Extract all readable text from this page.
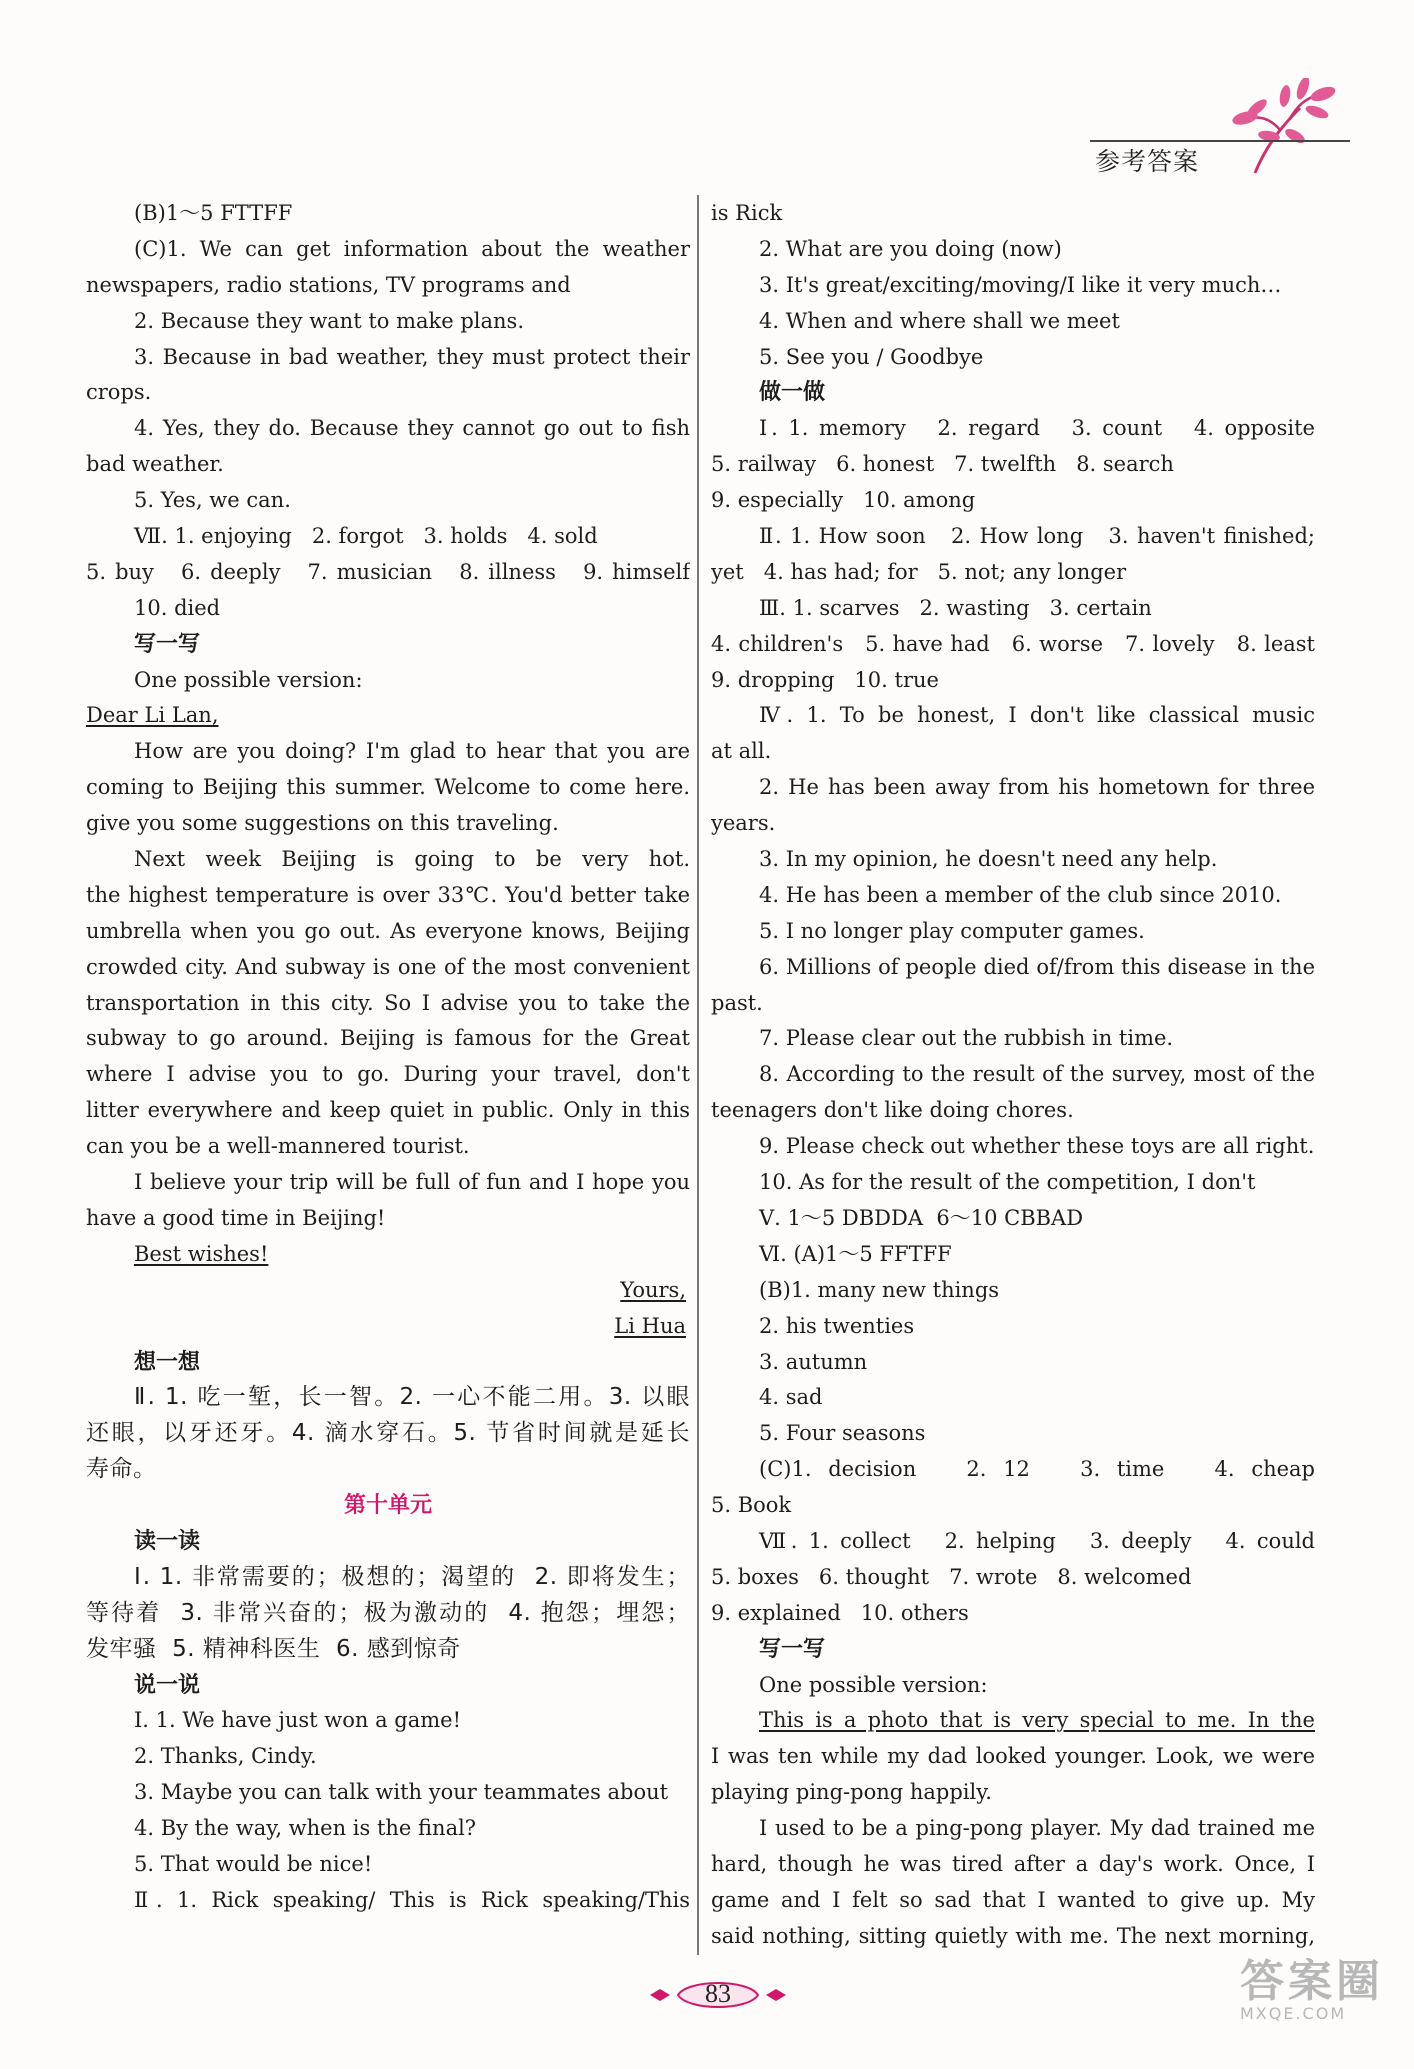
参考答案
(B)1～5 FTTFF
(C)1. We can get information about the weather
newspapers, radio stations, TV programs and
2. Because they want to make plans.
3. Because in bad weather, they must protect their
crops.
4. Yes, they do. Because they cannot go out to fish
bad weather.
5. Yes, we can.
Ⅶ. 1. enjoying   2. forgot   3. holds   4. sold
5. buy   6. deeply   7. musician   8. illness   9. himself
10. died
写一写
One possible version:
Dear Li Lan,
How are you doing? I'm glad to hear that you are
coming to Beijing this summer. Welcome to come here.
give you some suggestions on this traveling.
Next week Beijing is going to be very hot.
the highest temperature is over 33℃. You'd better take
umbrella when you go out. As everyone knows, Beijing
crowded city. And subway is one of the most convenient
transportation in this city. So I advise you to take the
subway to go around. Beijing is famous for the Great
where I advise you to go. During your travel, don't
litter everywhere and keep quiet in public. Only in this
can you be a well-mannered tourist.
I believe your trip will be full of fun and I hope you
have a good time in Beijing!
Best wishes!
Yours,
Li Hua
想一想
Ⅱ. 1. 吃一堑，长一智。2. 一心不能二用。3. 以眼
还眼，以牙还牙。4. 滴水穿石。5. 节省时间就是延长
寿命。
第十单元
读一读
Ⅰ. 1. 非常需要的；极想的；渴望的  2. 即将发生；
等待着  3. 非常兴奋的；极为激动的  4. 抱怨；埋怨；
发牢骚  5. 精神科医生  6. 感到惊奇
说一说
Ⅰ. 1. We have just won a game!
2. Thanks, Cindy.
3. Maybe you can talk with your teammates about
4. By the way, when is the final?
5. That would be nice!
Ⅱ. 1. Rick speaking/ This is Rick speaking/This
is Rick
2. What are you doing (now)
3. It's great/exciting/moving/I like it very much…
4. When and where shall we meet
5. See you / Goodbye
做一做
Ⅰ. 1. memory   2. regard   3. count   4. opposite
5. railway   6. honest   7. twelfth   8. search
9. especially   10. among
Ⅱ. 1. How soon   2. How long   3. haven't finished;
yet   4. has had; for   5. not; any longer
Ⅲ. 1. scarves   2. wasting   3. certain
4. children's   5. have had   6. worse   7. lovely   8. least
9. dropping   10. true
Ⅳ. 1. To be honest, I don't like classical music
at all.
2. He has been away from his hometown for three
years.
3. In my opinion, he doesn't need any help.
4. He has been a member of the club since 2010.
5. I no longer play computer games.
6. Millions of people died of/from this disease in the
past.
7. Please clear out the rubbish in time.
8. According to the result of the survey, most of the
teenagers don't like doing chores.
9. Please check out whether these toys are all right.
10. As for the result of the competition, I don't
Ⅴ. 1～5 DBDDA  6～10 CBBAD
Ⅵ. (A)1～5 FFTFF
(B)1. many new things
2. his twenties
3. autumn
4. sad
5. Four seasons
(C)1. decision   2. 12   3. time   4. cheap
5. Book
Ⅶ. 1. collect   2. helping   3. deeply   4. could
5. boxes   6. thought   7. wrote   8. welcomed
9. explained   10. others
写一写
One possible version:
This is a photo that is very special to me. In the
I was ten while my dad looked younger. Look, we were
playing ping-pong happily.
I used to be a ping-pong player. My dad trained me
hard, though he was tired after a day's work. Once, I
game and I felt so sad that I wanted to give up. My
said nothing, sitting quietly with me. The next morning,
83	答案圈
MXQE.COM
